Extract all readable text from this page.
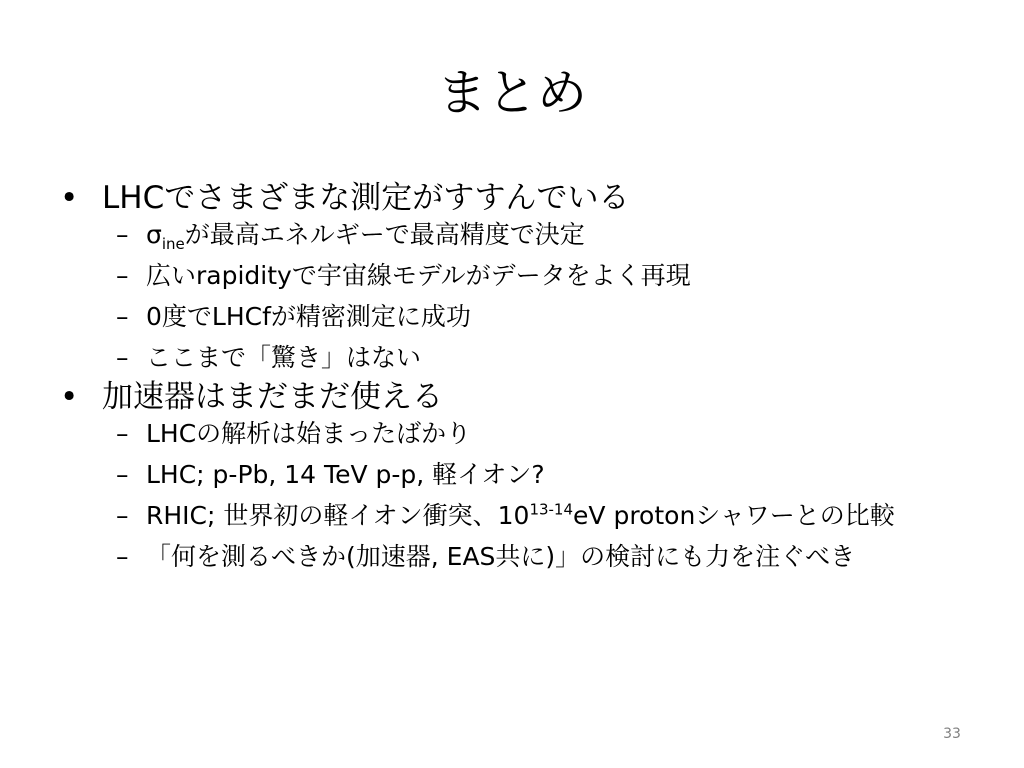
まとめ
• LHCでさまざまな測定がすすんでいる
– $\sigma_{ine}$が最高エネルギーで最高精度で決定
– 広いrapidityで宇宙線モデルがデータをよく再現
– 0度でLHCfが精密測定に成功
– ここまで「驚き」はない
• 加速器はまだまだ使える
– LHCの解析は始まったばかり
– LHC; p-Pb, 14 TeV p-p, 軽イオン?
– RHIC; 世界初の軽イオン衝突、10$^{13-14}$eV protonシャワーとの比較
– 「何を測るべきか(加速器, EAS共に)」の検討にも力を注ぐべき
33
